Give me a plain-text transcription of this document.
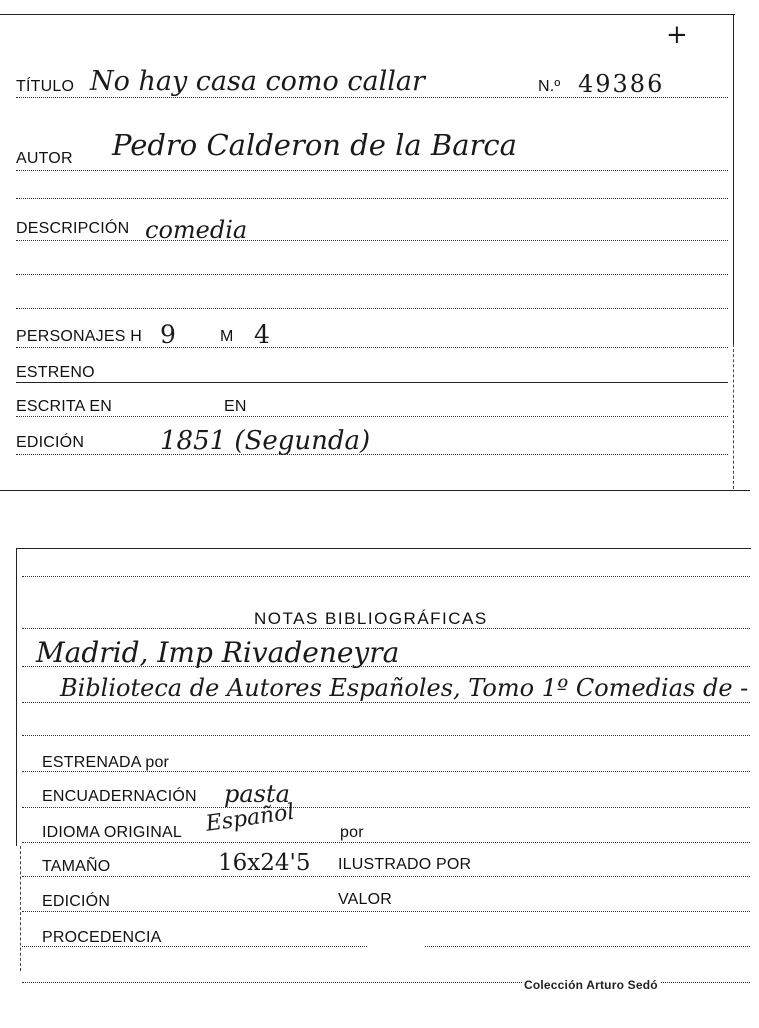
+
TÍTULO No hay casa como callar	N.º 49386
AUTOR Pedro Calderon de la Barca
DESCRIPCIÓN comedia
PERSONAJES H 9	M 4
ESTRENO
ESCRITA EN	EN
EDICIÓN	1851 (Segunda)
NOTAS BIBLIOGRÁFICAS
Madrid, Imp Rivadeneyra
Biblioteca de Autores Españoles, Tomo 1º Comedias de -
ESTRENADA por
ENCUADERNACIÓN pasta
IDIOMA ORIGINAL Español	por
TAMAÑO	16x24'5 ILUSTRADO POR
EDICIÓN	VALOR
PROCEDENCIA
Colección Arturo Sedó
